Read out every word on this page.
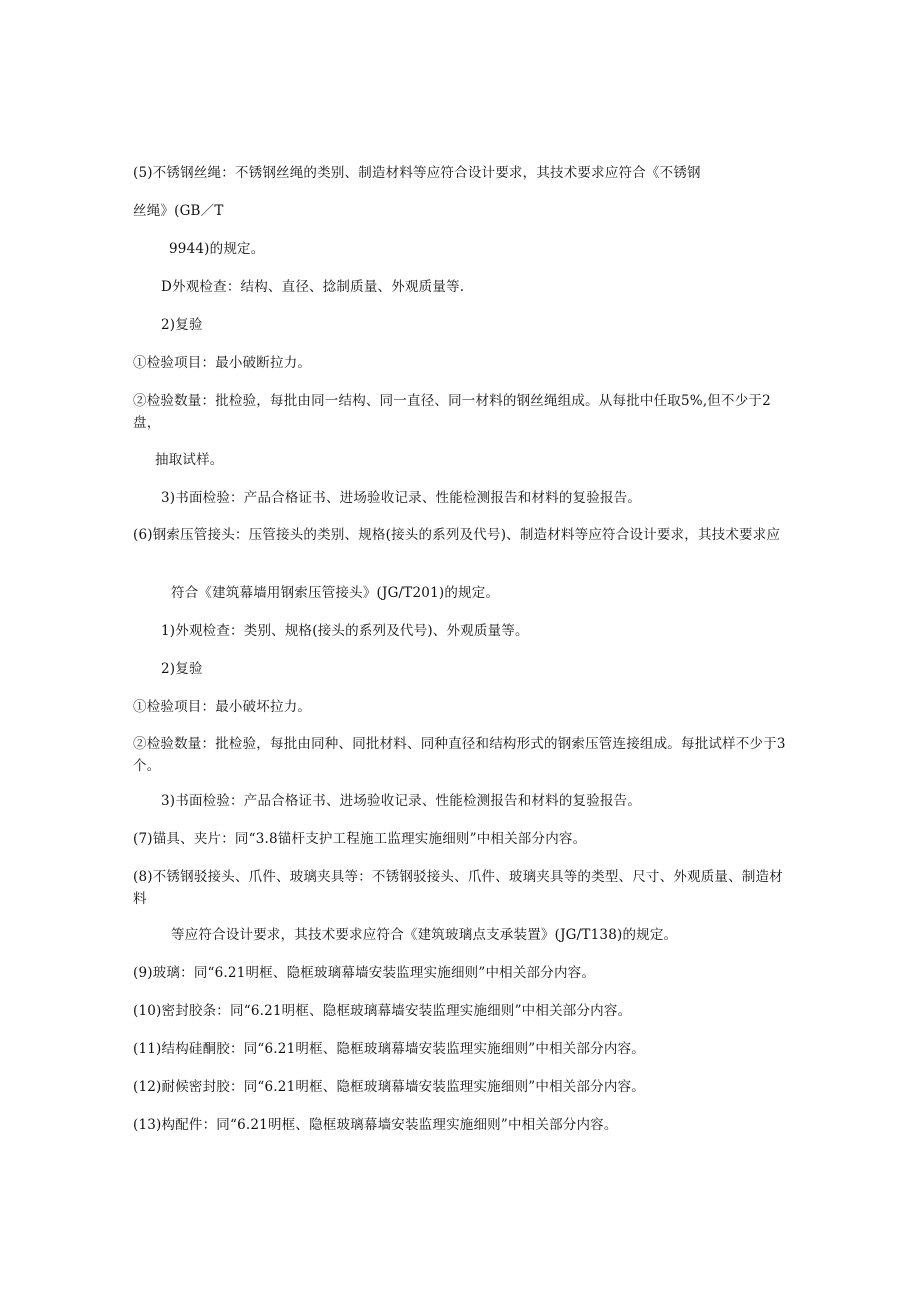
(5)不锈钢丝绳：不锈钢丝绳的类别、制造材料等应符合设计要求，其技术要求应符合《不锈钢
丝绳》(GB／T
9944)的规定。
D外观检查：结构、直径、捻制质量、外观质量等.
2)复验
①检验项目：最小破断拉力。
②检验数量：批检验，每批由同一结构、同一直径、同一材料的钢丝绳组成。从每批中任取5%,但不少于2盘，
抽取试样。
3)书面检验：产品合格证书、进场验收记录、性能检测报告和材料的复验报告。
(6)钢索压管接头：压管接头的类别、规格(接头的系列及代号)、制造材料等应符合设计要求，其技术要求应
符合《建筑幕墙用钢索压管接头》(JG/T201)的规定。
1)外观检查：类别、规格(接头的系列及代号)、外观质量等。
2)复验
①检验项目：最小破坏拉力。
②检验数量：批检验，每批由同种、同批材料、同种直径和结构形式的钢索压管连接组成。每批试样不少于3个。
3)书面检验：产品合格证书、进场验收记录、性能检测报告和材料的复验报告。
(7)锚具、夹片：同“3.8锚杆支护工程施工监理实施细则”中相关部分内容。
(8)不锈钢驳接头、爪件、玻璃夹具等：不锈钢驳接头、爪件、玻璃夹具等的类型、尺寸、外观质量、制造材料
等应符合设计要求，其技术要求应符合《建筑玻璃点支承装置》(JG/T138)的规定。
(9)玻璃：同“6.21明框、隐框玻璃幕墙安装监理实施细则”中相关部分内容。
(10)密封胶条：同“6.21明框、隐框玻璃幕墙安装监理实施细则”中相关部分内容。
(11)结构硅酮胶：同“6.21明框、隐框玻璃幕墙安装监理实施细则”中相关部分内容。
(12)耐候密封胶：同“6.21明框、隐框玻璃幕墙安装监理实施细则”中相关部分内容。
(13)构配件：同“6.21明框、隐框玻璃幕墙安装监理实施细则”中相关部分内容。
